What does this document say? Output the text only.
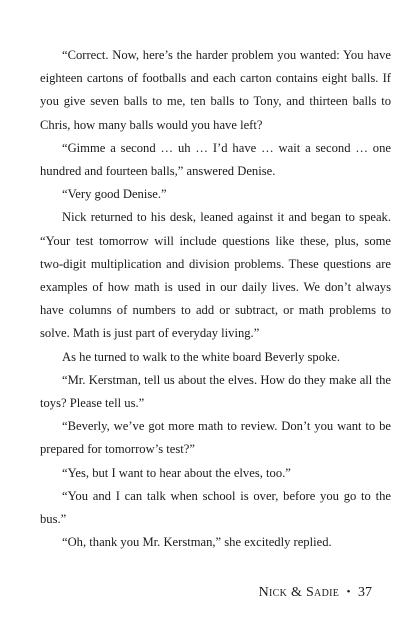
“Correct. Now, here’s the harder problem you wanted: You have eighteen cartons of footballs and each carton contains eight balls. If you give seven balls to me, ten balls to Tony, and thirteen balls to Chris, how many balls would you have left?

“Gimme a second … uh … I’d have … wait a second … one hundred and fourteen balls,” answered Denise.

“Very good Denise.”

Nick returned to his desk, leaned against it and began to speak. “Your test tomorrow will include questions like these, plus, some two-digit multiplication and division problems. These questions are examples of how math is used in our daily lives. We don’t always have columns of numbers to add or subtract, or math problems to solve. Math is just part of everyday living.”

As he turned to walk to the white board Beverly spoke.

“Mr. Kerstman, tell us about the elves. How do they make all the toys? Please tell us.”

“Beverly, we’ve got more math to review. Don’t you want to be prepared for tomorrow’s test?”

“Yes, but I want to hear about the elves, too.”

“You and I can talk when school is over, before you go to the bus.”

“Oh, thank you Mr. Kerstman,” she excitedly replied.

Nick & Sadie • 37
